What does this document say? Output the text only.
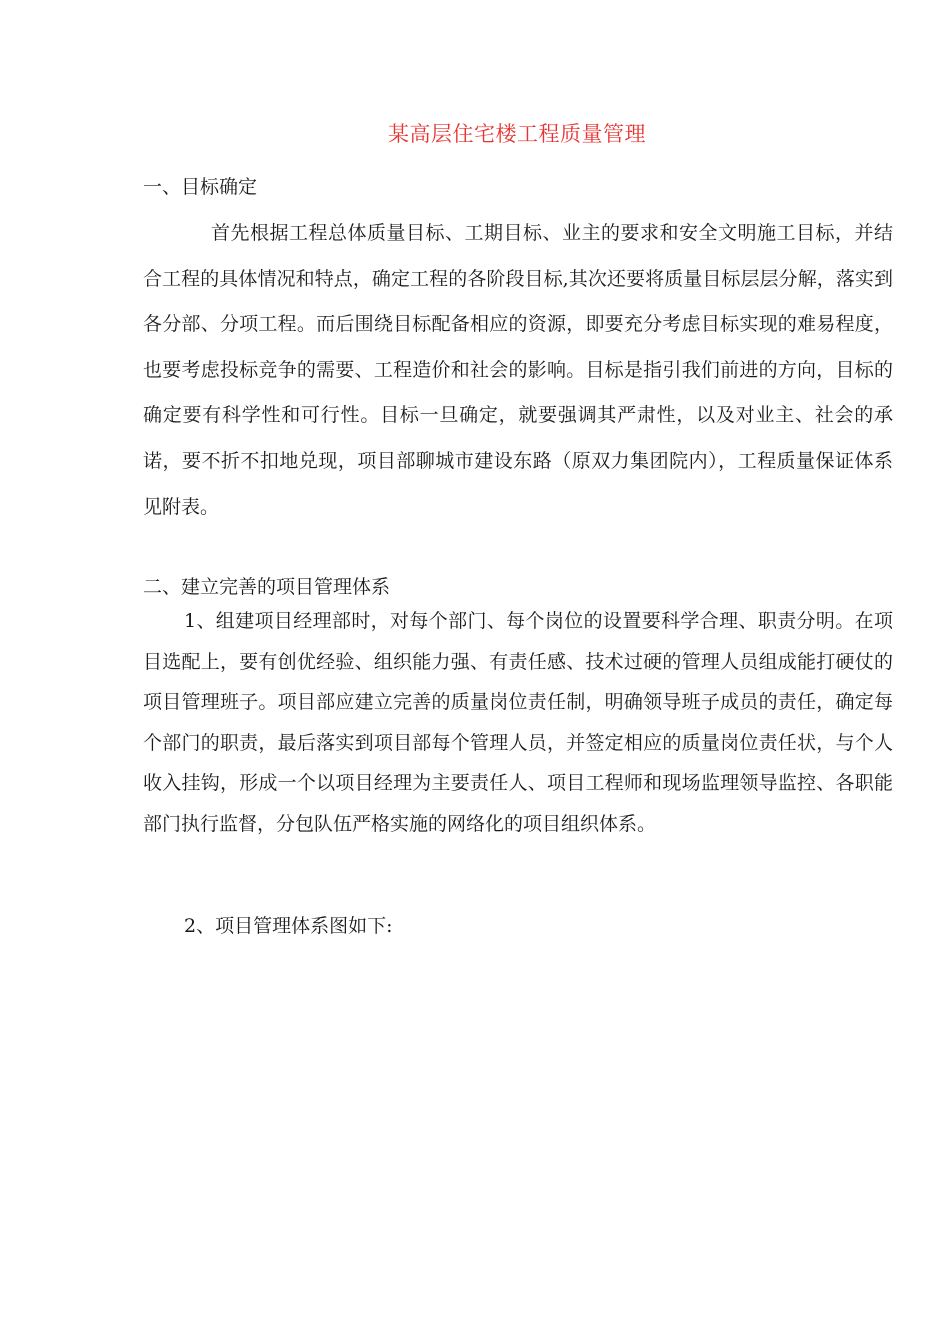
某高层住宅楼工程质量管理
一、目标确定

首先根据工程总体质量目标、工期目标、业主的要求和安全文明施工目标，并结合工程的具体情况和特点，确定工程的各阶段目标,其次还要将质量目标层层分解，落实到各分部、分项工程。而后围绕目标配备相应的资源，即要充分考虑目标实现的难易程度，也要考虑投标竞争的需要、工程造价和社会的影响。目标是指引我们前进的方向，目标的确定要有科学性和可行性。目标一旦确定，就要强调其严肃性，以及对业主、社会的承诺，要不折不扣地兑现，项目部聊城市建设东路（原双力集团院内），工程质量保证体系见附表。

二、建立完善的项目管理体系

1、组建项目经理部时，对每个部门、每个岗位的设置要科学合理、职责分明。在项目选配上，要有创优经验、组织能力强、有责任感、技术过硬的管理人员组成能打硬仗的项目管理班子。项目部应建立完善的质量岗位责任制，明确领导班子成员的责任，确定每个部门的职责，最后落实到项目部每个管理人员，并签定相应的质量岗位责任状，与个人收入挂钩，形成一个以项目经理为主要责任人、项目工程师和现场监理领导监控、各职能部门执行监督，分包队伍严格实施的网络化的项目组织体系。

2、项目管理体系图如下:
